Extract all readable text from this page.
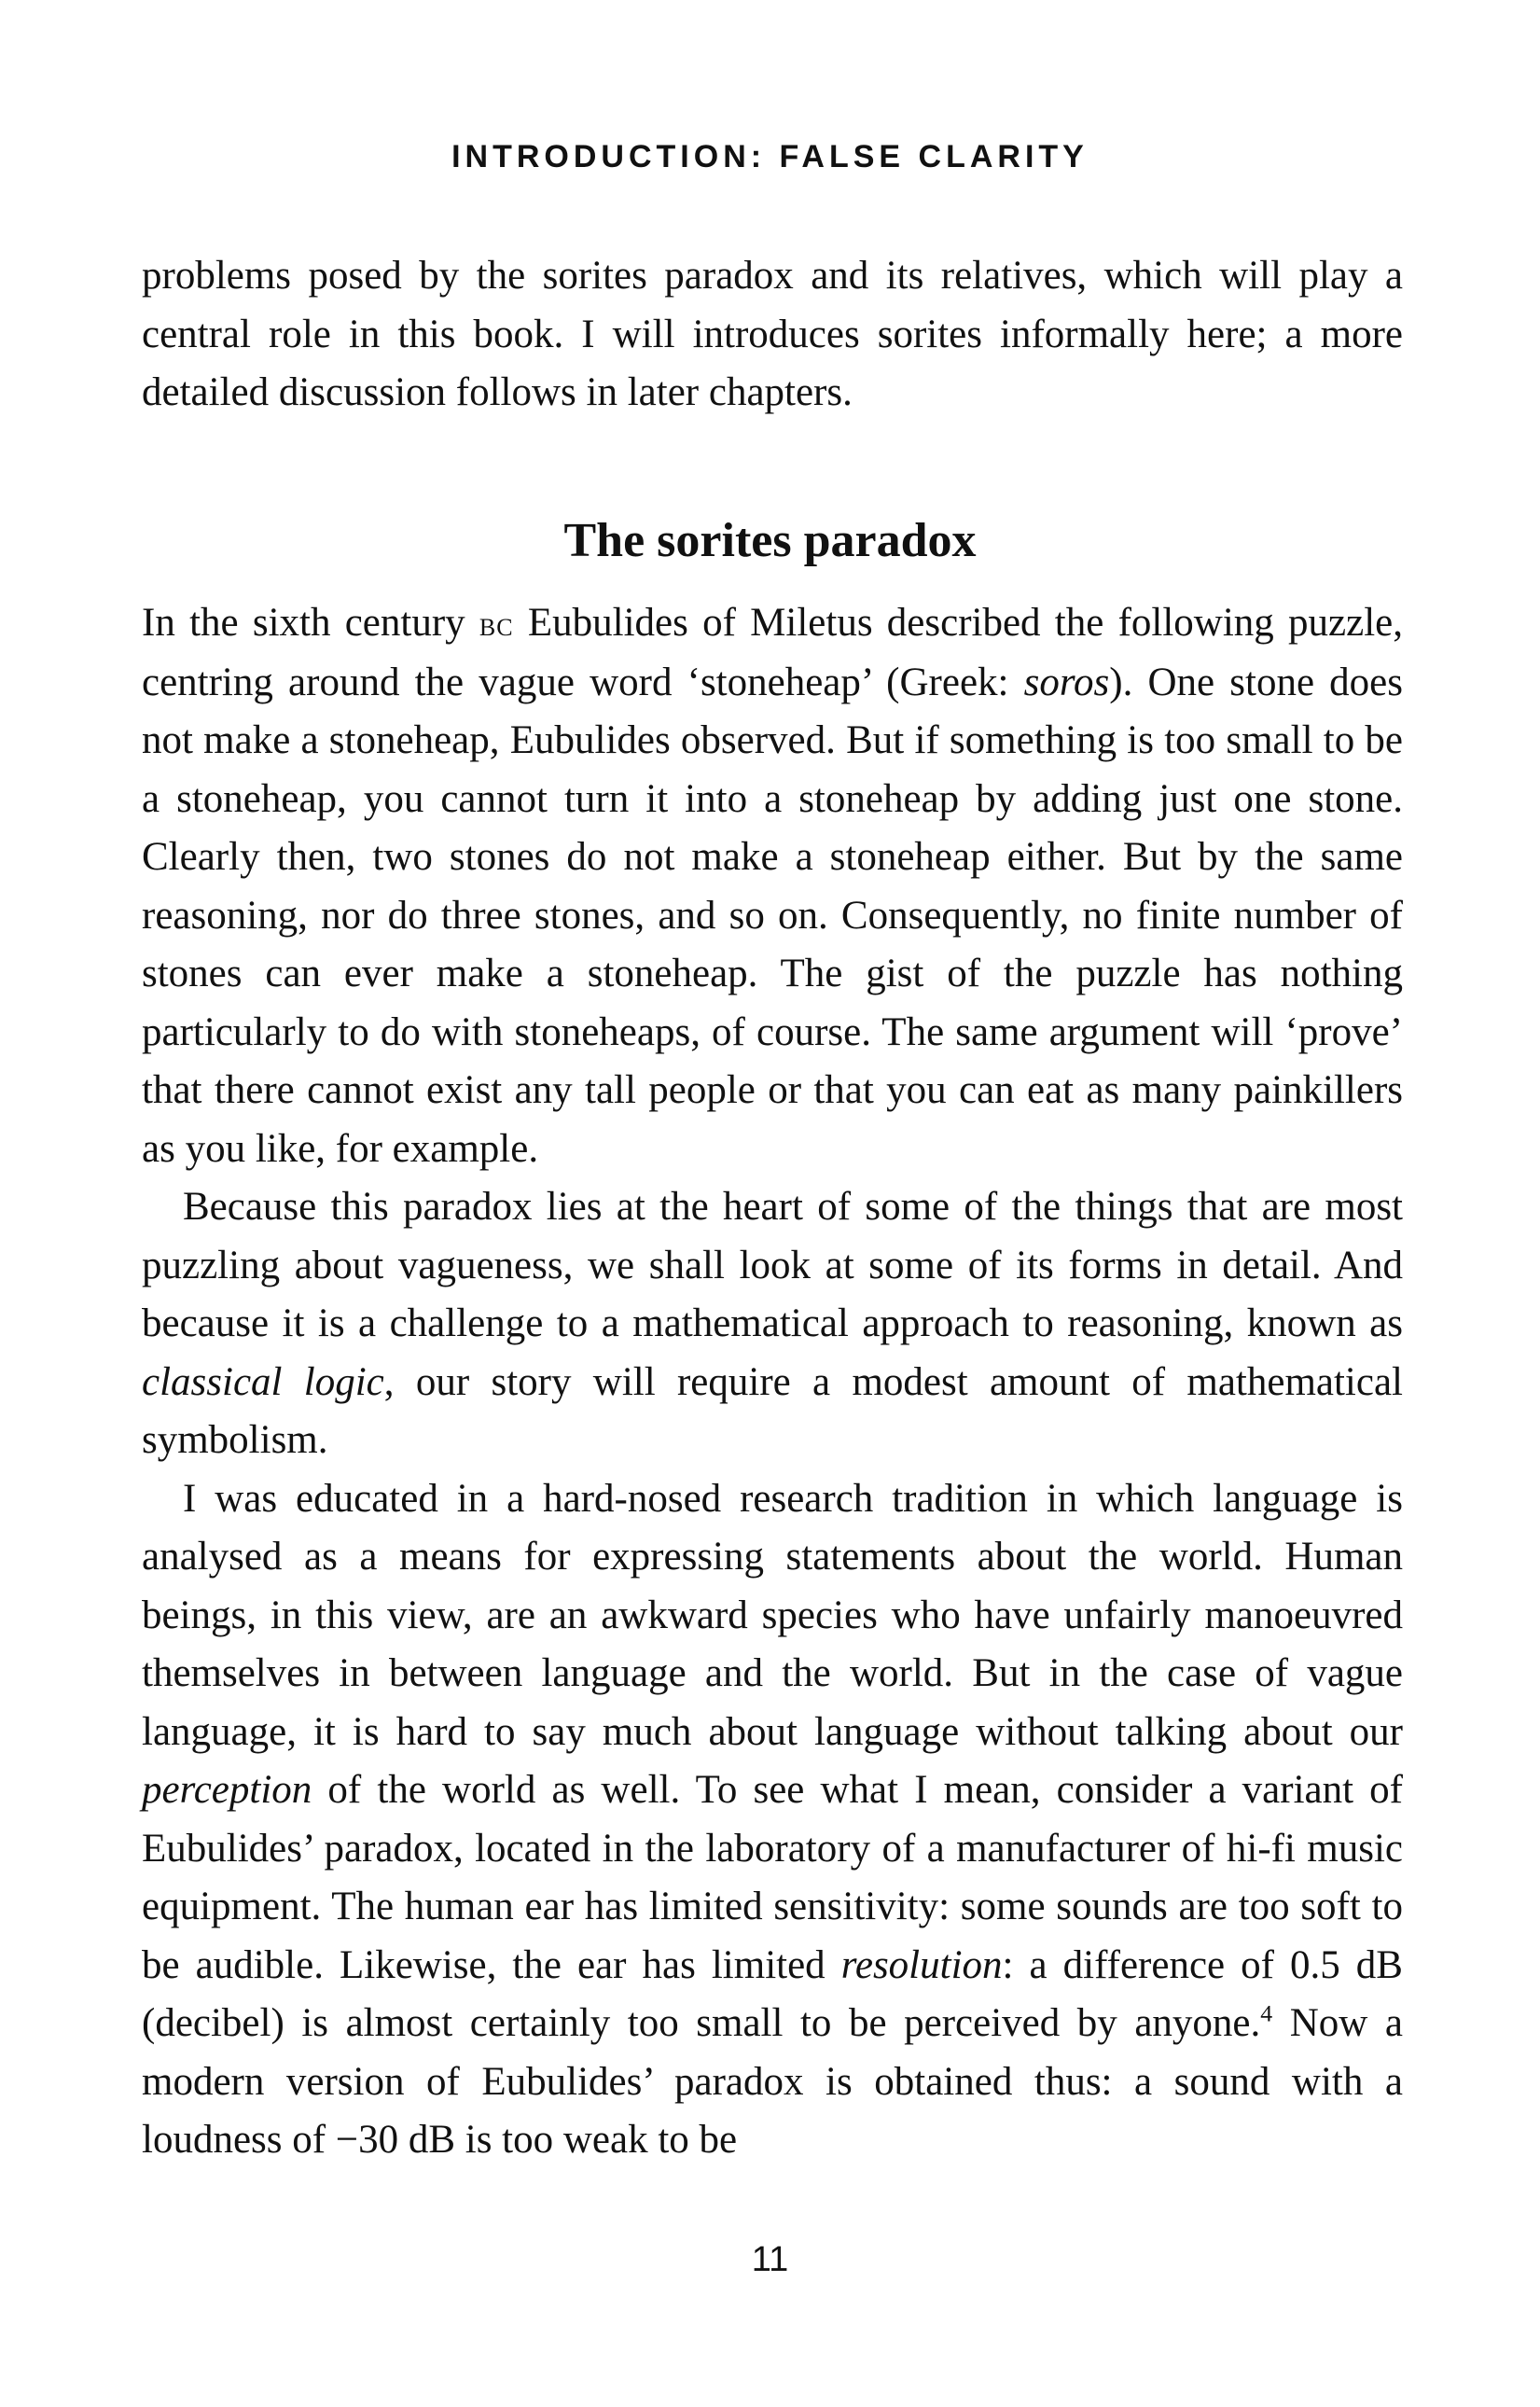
INTRODUCTION: FALSE CLARITY

problems posed by the sorites paradox and its relatives, which will play a central role in this book. I will introduces sorites informally here; a more detailed discussion follows in later chapters.

The sorites paradox

In the sixth century bc Eubulides of Miletus described the following puzzle, centring around the vague word ‘stoneheap’ (Greek: soros). One stone does not make a stoneheap, Eubulides observed. But if something is too small to be a stoneheap, you cannot turn it into a stoneheap by adding just one stone. Clearly then, two stones do not make a stoneheap either. But by the same reasoning, nor do three stones, and so on. Consequently, no finite number of stones can ever make a stoneheap. The gist of the puzzle has nothing particularly to do with stoneheaps, of course. The same argument will ‘prove’ that there cannot exist any tall people or that you can eat as many painkillers as you like, for example.

Because this paradox lies at the heart of some of the things that are most puzzling about vagueness, we shall look at some of its forms in detail. And because it is a challenge to a mathematical approach to reasoning, known as classical logic, our story will require a modest amount of mathematical symbolism.

I was educated in a hard-nosed research tradition in which language is analysed as a means for expressing statements about the world. Human beings, in this view, are an awkward species who have unfairly manoeuvred themselves in between language and the world. But in the case of vague language, it is hard to say much about language without talking about our perception of the world as well. To see what I mean, consider a variant of Eubulides’ paradox, located in the laboratory of a manufacturer of hi-fi music equipment. The human ear has limited sensitivity: some sounds are too soft to be audible. Likewise, the ear has limited resolution: a difference of 0.5 dB (decibel) is almost certainly too small to be perceived by anyone.$^4$ Now a modern version of Eubulides’ paradox is obtained thus: a sound with a loudness of −30 dB is too weak to be

11
